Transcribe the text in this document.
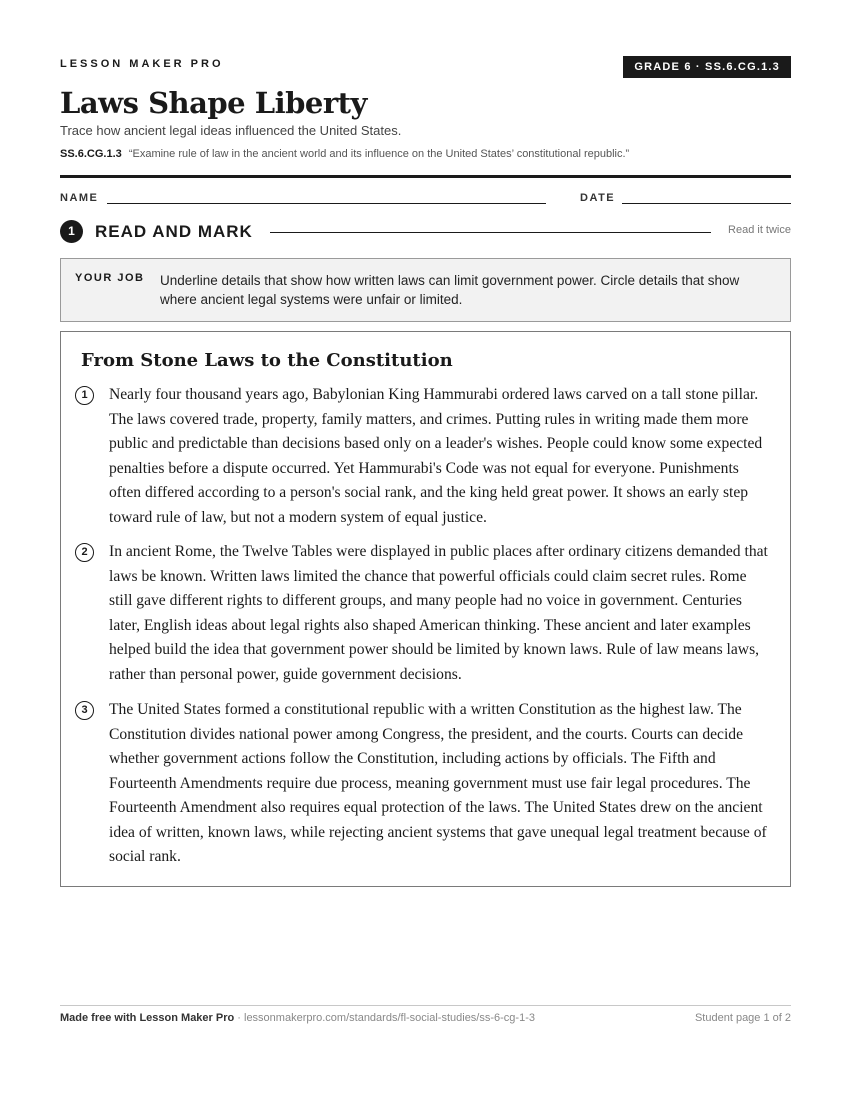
LESSON MAKER PRO	GRADE 6 · SS.6.CG.1.3
Laws Shape Liberty
Trace how ancient legal ideas influenced the United States.
SS.6.CG.1.3 “Examine rule of law in the ancient world and its influence on the United States’ constitutional republic.”
NAME	DATE
1	READ AND MARK	Read it twice
YOUR JOB Underline details that show how written laws can limit government power. Circle details that show where ancient legal systems were unfair or limited.
From Stone Laws to the Constitution
1	Nearly four thousand years ago, Babylonian King Hammurabi ordered laws carved on a tall stone pillar. The laws covered trade, property, family matters, and crimes. Putting rules in writing made them more public and predictable than decisions based only on a leader's wishes. People could know some expected penalties before a dispute occurred. Yet Hammurabi's Code was not equal for everyone. Punishments often differed according to a person's social rank, and the king held great power. It shows an early step toward rule of law, but not a modern system of equal justice.

2	In ancient Rome, the Twelve Tables were displayed in public places after ordinary citizens demanded that laws be known. Written laws limited the chance that powerful officials could claim secret rules. Rome still gave different rights to different groups, and many people had no voice in government. Centuries later, English ideas about legal rights also shaped American thinking. These ancient and later examples helped build the idea that government power should be limited by known laws. Rule of law means laws, rather than personal power, guide government decisions.

3	The United States formed a constitutional republic with a written Constitution as the highest law. The Constitution divides national power among Congress, the president, and the courts. Courts can decide whether government actions follow the Constitution, including actions by officials. The Fifth and Fourteenth Amendments require due process, meaning government must use fair legal procedures. The Fourteenth Amendment also requires equal protection of the laws. The United States drew on the ancient idea of written, known laws, while rejecting ancient systems that gave unequal legal treatment because of social rank.

Made free with Lesson Maker Pro · lessonmakerpro.com/standards/fl-social-studies/ss-6-cg-1-3	Student page 1 of 2
